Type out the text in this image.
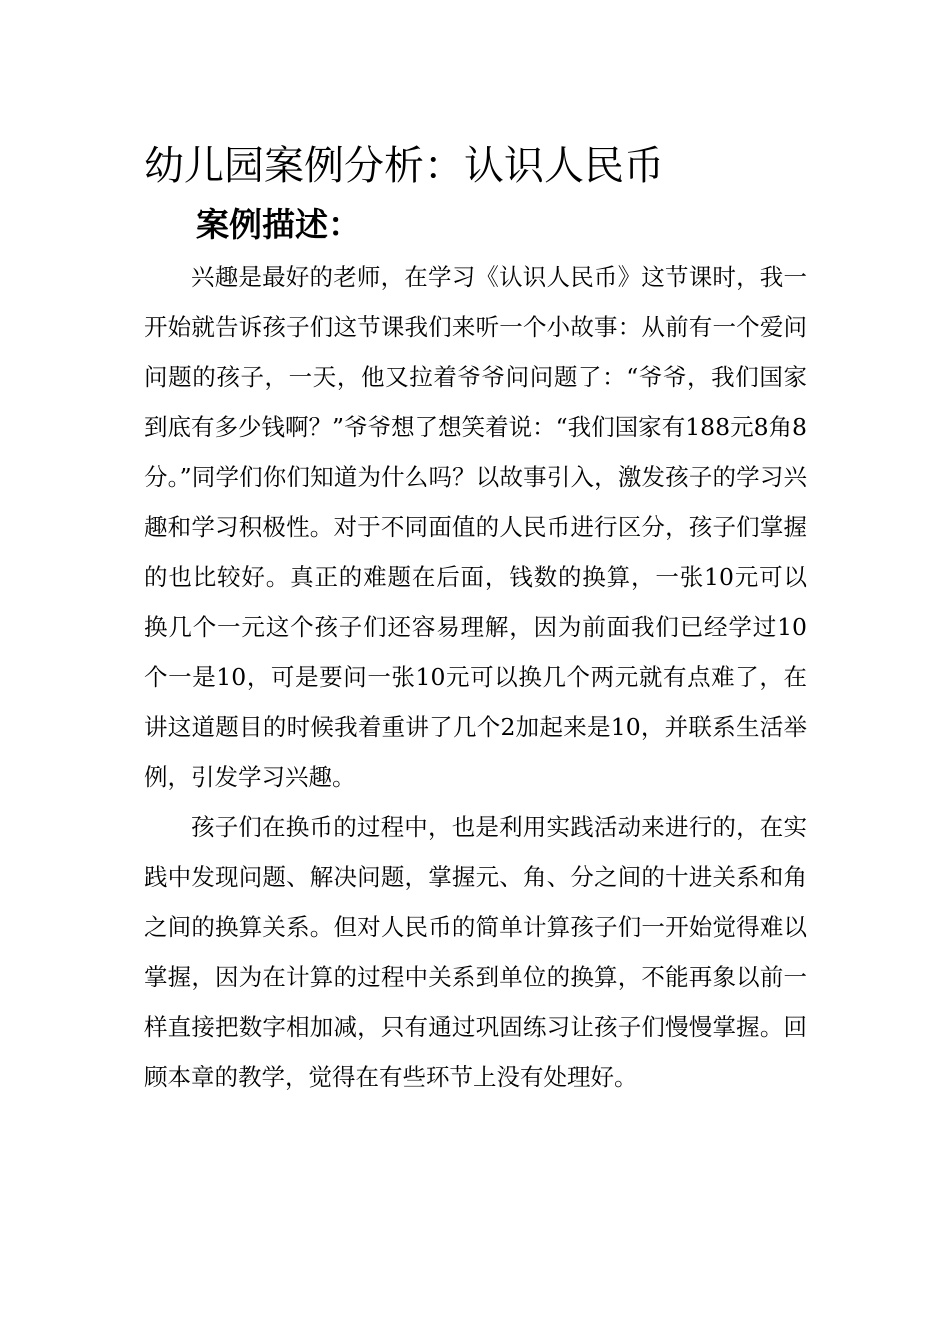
幼儿园案例分析：认识人民币
案例描述：

兴趣是最好的老师，在学习《认识人民币》这节课时，我一开始就告诉孩子们这节课我们来听一个小故事：从前有一个爱问问题的孩子，一天，他又拉着爷爷问问题了：“爷爷，我们国家到底有多少钱啊？”爷爷想了想笑着说：“我们国家有188元8角8分。”同学们你们知道为什么吗？以故事引入，激发孩子的学习兴趣和学习积极性。对于不同面值的人民币进行区分，孩子们掌握的也比较好。真正的难题在后面，钱数的换算，一张10元可以换几个一元这个孩子们还容易理解，因为前面我们已经学过10个一是10，可是要问一张10元可以换几个两元就有点难了，在讲这道题目的时候我着重讲了几个2加起来是10，并联系生活举例，引发学习兴趣。

孩子们在换币的过程中，也是利用实践活动来进行的，在实践中发现问题、解决问题，掌握元、角、分之间的十进关系和角之间的换算关系。但对人民币的简单计算孩子们一开始觉得难以掌握，因为在计算的过程中关系到单位的换算，不能再象以前一样直接把数字相加减，只有通过巩固练习让孩子们慢慢掌握。回顾本章的教学，觉得在有些环节上没有处理好。
